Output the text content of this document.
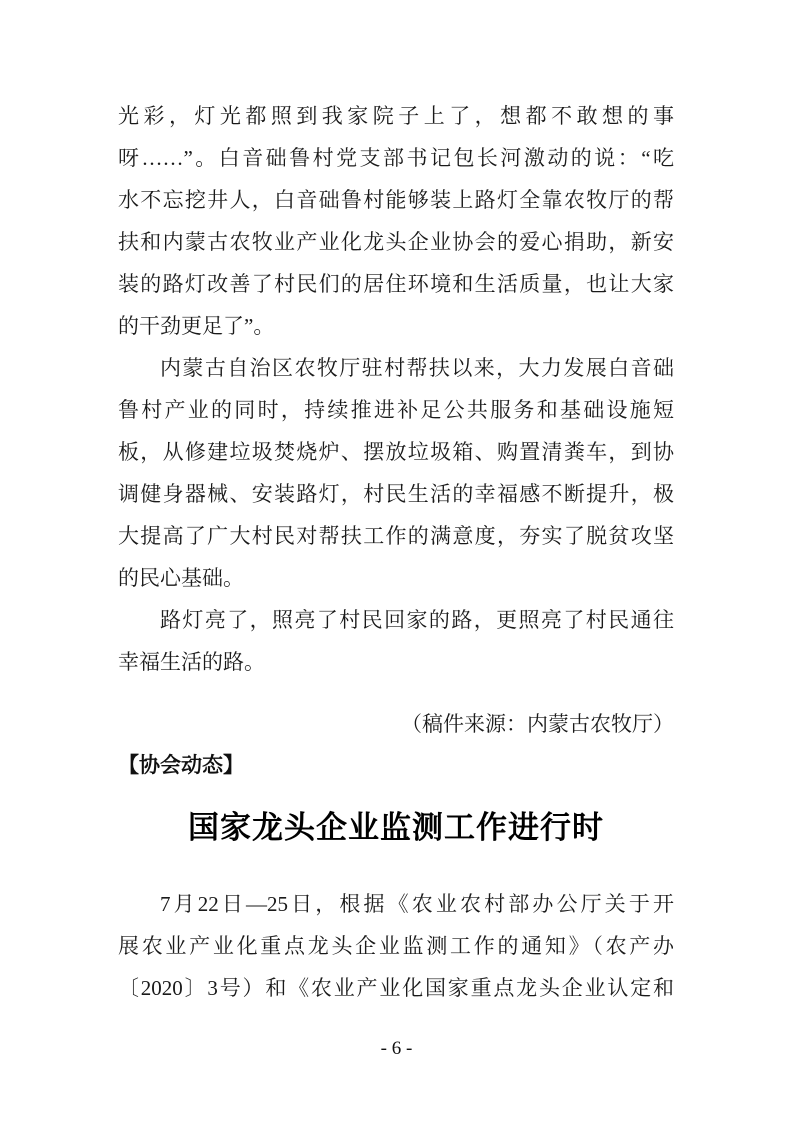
光彩，灯光都照到我家院子上了，想都不敢想的事
呀……”。白音础鲁村党支部书记包长河激动的说：“吃
水不忘挖井人，白音础鲁村能够装上路灯全靠农牧厅的帮
扶和内蒙古农牧业产业化龙头企业协会的爱心捐助，新安
装的路灯改善了村民们的居住环境和生活质量，也让大家
的干劲更足了”。
内蒙古自治区农牧厅驻村帮扶以来，大力发展白音础
鲁村产业的同时，持续推进补足公共服务和基础设施短
板，从修建垃圾焚烧炉、摆放垃圾箱、购置清粪车，到协
调健身器械、安装路灯，村民生活的幸福感不断提升，极
大提高了广大村民对帮扶工作的满意度，夯实了脱贫攻坚
的民心基础。
路灯亮了，照亮了村民回家的路，更照亮了村民通往
幸福生活的路。
（稿件来源：内蒙古农牧厅）
【协会动态】
国家龙头企业监测工作进行时
7月22日—25日，根据《农业农村部办公厅关于开
展农业产业化重点龙头企业监测工作的通知》（农产办
〔2020〕3号）和《农业产业化国家重点龙头企业认定和
- 6 -
